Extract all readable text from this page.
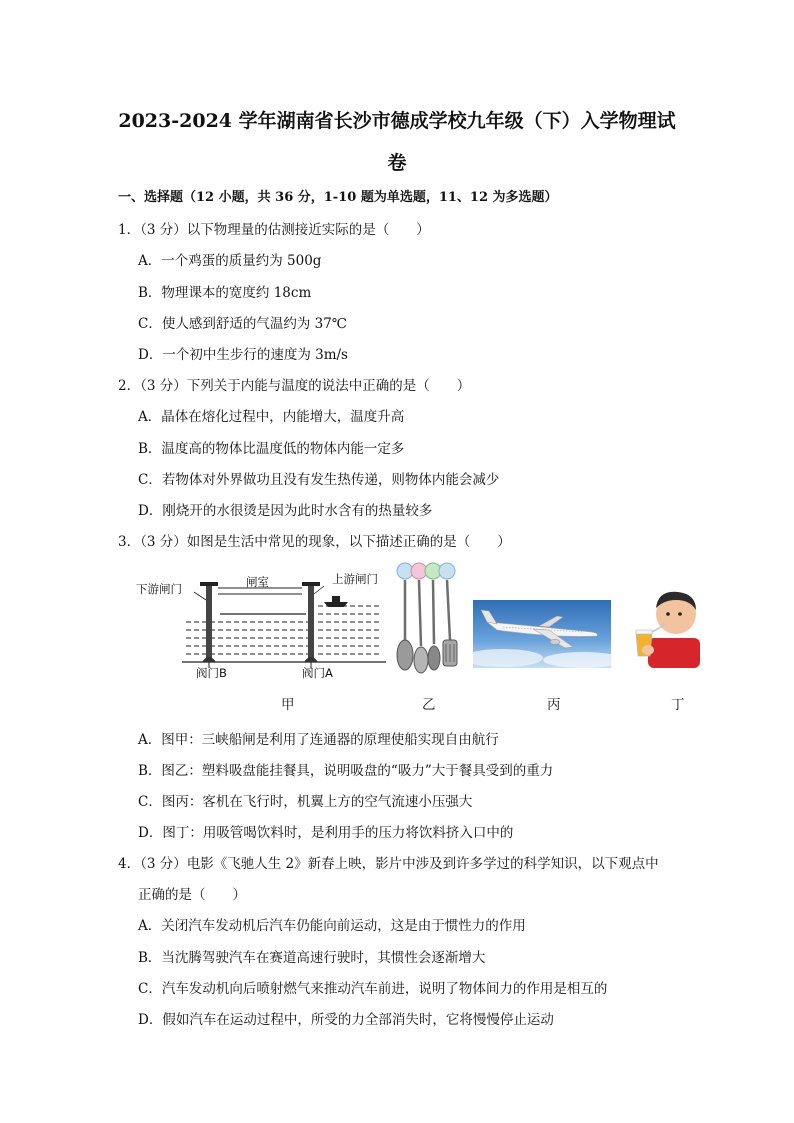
2023-2024 学年湖南省长沙市德成学校九年级（下）入学物理试
卷
一、选择题（12 小题，共 36 分，1-10 题为单选题，11、12 为多选题）
1．（3 分）以下物理量的估测接近实际的是（　　）
A．一个鸡蛋的质量约为 500g
B．物理课本的宽度约 18cm
C．使人感到舒适的气温约为 37℃
D．一个初中生步行的速度为 3m/s
2．（3 分）下列关于内能与温度的说法中正确的是（　　）
A．晶体在熔化过程中，内能增大，温度升高
B．温度高的物体比温度低的物体内能一定多
C．若物体对外界做功且没有发生热传递，则物体内能会减少
D．刚烧开的水很烫是因为此时水含有的热量较多
3．（3 分）如图是生活中常见的现象，以下描述正确的是（　　）
下游闸门	闸室	上游闸门
阀门B	阀门A
甲	乙	丙	丁
A．图甲：三峡船闸是利用了连通器的原理使船实现自由航行
B．图乙：塑料吸盘能挂餐具，说明吸盘的“吸力”大于餐具受到的重力
C．图丙：客机在飞行时，机翼上方的空气流速小压强大
D．图丁：用吸管喝饮料时，是利用手的压力将饮料挤入口中的
4．（3 分）电影《飞驰人生 2》新春上映，影片中涉及到许多学过的科学知识，以下观点中
正确的是（　　）
A．关闭汽车发动机后汽车仍能向前运动，这是由于惯性力的作用
B．当沈腾驾驶汽车在赛道高速行驶时，其惯性会逐渐增大
C．汽车发动机向后喷射燃气来推动汽车前进，说明了物体间力的作用是相互的
D．假如汽车在运动过程中，所受的力全部消失时，它将慢慢停止运动
